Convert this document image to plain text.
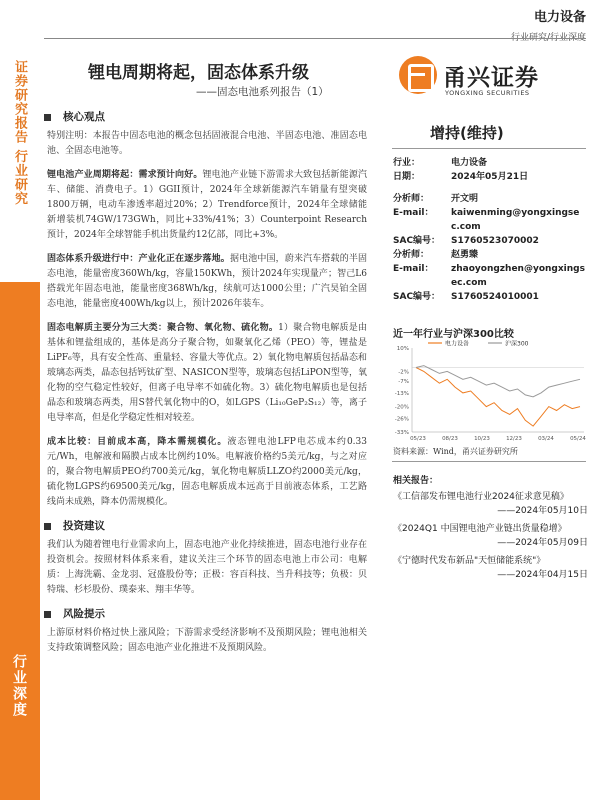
证券研究报告 行业研究
行业深度
电力设备
行业研究/行业深度
锂电周期将起，固态体系升级
——固态电池系列报告（1）
甬兴证券
YONGXING SECURITIES
核心观点

特别注明：本报告中固态电池的概念包括固液混合电池、半固态电池、准固态电池、全固态电池等。

锂电池产业周期将起：需求预计向好。锂电池产业链下游需求大致包括新能源汽车、储能、消费电子。1）GGII预计，2024年全球新能源汽车销量有望突破1800万辆，电动车渗透率超过20%；2）Trendforce预计，2024年全球储能新增装机74GW/173GWh，同比+33%/41%；3）Counterpoint Research预计，2024年全球智能手机出货量约12亿部，同比+3%。

固态体系升级进行中：产业化正在逐步落地。据电池中国，蔚来汽车搭载的半固态电池，能量密度360Wh/kg，容量150KWh，预计2024年实现量产；智己L6搭载光年固态电池，能量密度368Wh/kg，续航可达1000公里；广汽昊铂全固态电池，能量密度400Wh/kg以上，预计2026年装车。

固态电解质主要分为三大类：聚合物、氧化物、硫化物。1）聚合物电解质是由基体和锂盐组成的，基体是高分子聚合物，如聚氧化乙烯（PEO）等，锂盐是LiPF₆等，具有安全性高、重量轻、容量大等优点。2）氧化物电解质包括晶态和玻璃态两类，晶态包括钙钛矿型、NASICON型等，玻璃态包括LiPON型等，氧化物的空气稳定性较好，但离子电导率不如硫化物。3）硫化物电解质也是包括晶态和玻璃态两类，用S替代氧化物中的O，如LGPS（Li₁₀GeP₂S₁₂）等，离子电导率高，但是化学稳定性相对较差。

成本比较：目前成本高，降本需规模化。液态锂电池LFP电芯成本约0.33元/Wh，电解液和隔膜占成本比例约10%。电解液价格约5美元/kg，与之对应的，聚合物电解质PEO约700美元/kg，氧化物电解质LLZO约2000美元/kg，硫化物LGPS约69500美元/kg，固态电解质成本远高于目前液态体系，工艺路线尚未成熟，降本仍需规模化。

投资建议

我们认为随着锂电行业需求向上，固态电池产业化持续推进，固态电池行业存在投资机会。按照材料体系来看，建议关注三个环节的固态电池上市公司：电解质：上海洗霸、金龙羽、冠盛股份等；正极：容百科技、当升科技等；负极：贝特瑞、杉杉股份、璞泰来、翔丰华等。

风险提示

上游原材料价格过快上涨风险；下游需求受经济影响不及预期风险；锂电池相关支持政策调整风险；固态电池产业化推进不及预期风险。

增持(维持)
行业：	电力设备
日期：	2024年05月21日
分析师：	开文明
E-mail：	kaiwenming@yongxingsec.com
SAC编号：	S1760523070002
分析师：	赵勇臻
E-mail：	zhaoyongzhen@yongxingsec.com
SAC编号：	S1760524010001
近一年行业与沪深300比较
电力设备	沪深300
10%
-2%
-7%
-13%
-20%
-26%
-33%
05/23	08/23	10/23	12/23	03/24	05/24
资料来源：Wind，甬兴证券研究所
相关报告：
《工信部发布锂电池行业2024征求意见稿》
——2024年05月10日
《2024Q1 中国锂电池产业链出货量稳增》
——2024年05月09日
《宁德时代发布新品"天恒储能系统"》
——2024年04月15日
